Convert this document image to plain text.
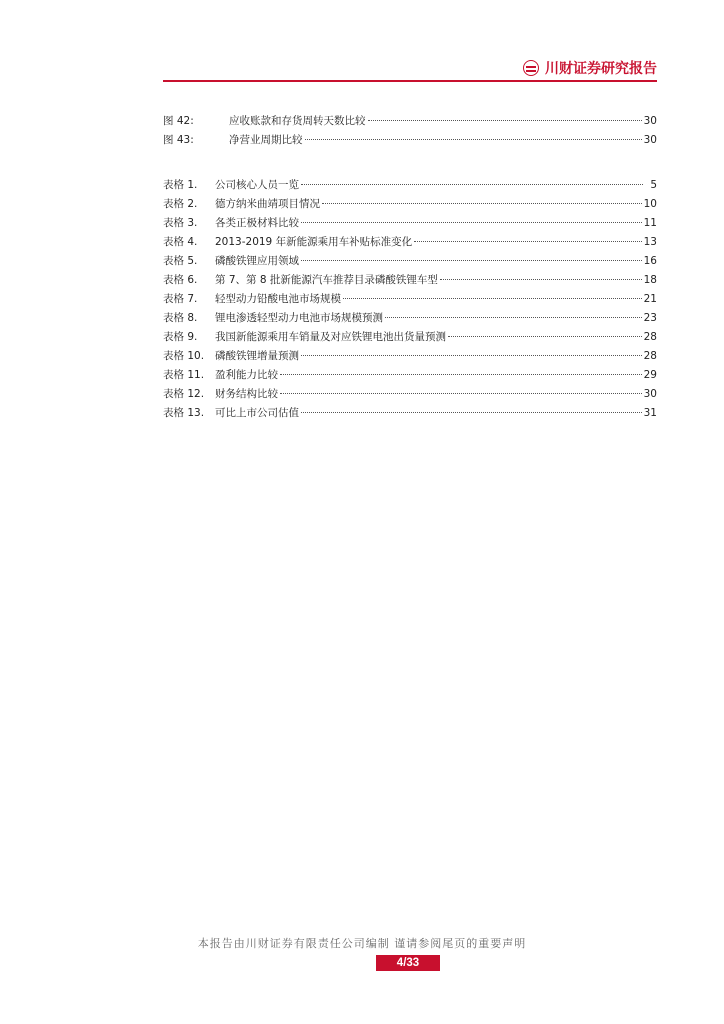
川财证券研究报告
图 42:	应收账款和存货周转天数比较	30
图 43:	净营业周期比较	30
表格 1.	公司核心人员一览	5
表格 2.	德方纳米曲靖项目情况	10
表格 3.	各类正极材料比较	11
表格 4.	2013-2019 年新能源乘用车补贴标准变化	13
表格 5.	磷酸铁锂应用领域	16
表格 6.	第 7、第 8 批新能源汽车推荐目录磷酸铁锂车型	18
表格 7.	轻型动力铅酸电池市场规模	21
表格 8.	锂电渗透轻型动力电池市场规模预测	23
表格 9.	我国新能源乘用车销量及对应铁锂电池出货量预测	28
表格 10.	磷酸铁锂增量预测	28
表格 11.	盈利能力比较	29
表格 12.	财务结构比较	30
表格 13.	可比上市公司估值	31
本报告由川财证券有限责任公司编制 谨请参阅尾页的重要声明
4/33
